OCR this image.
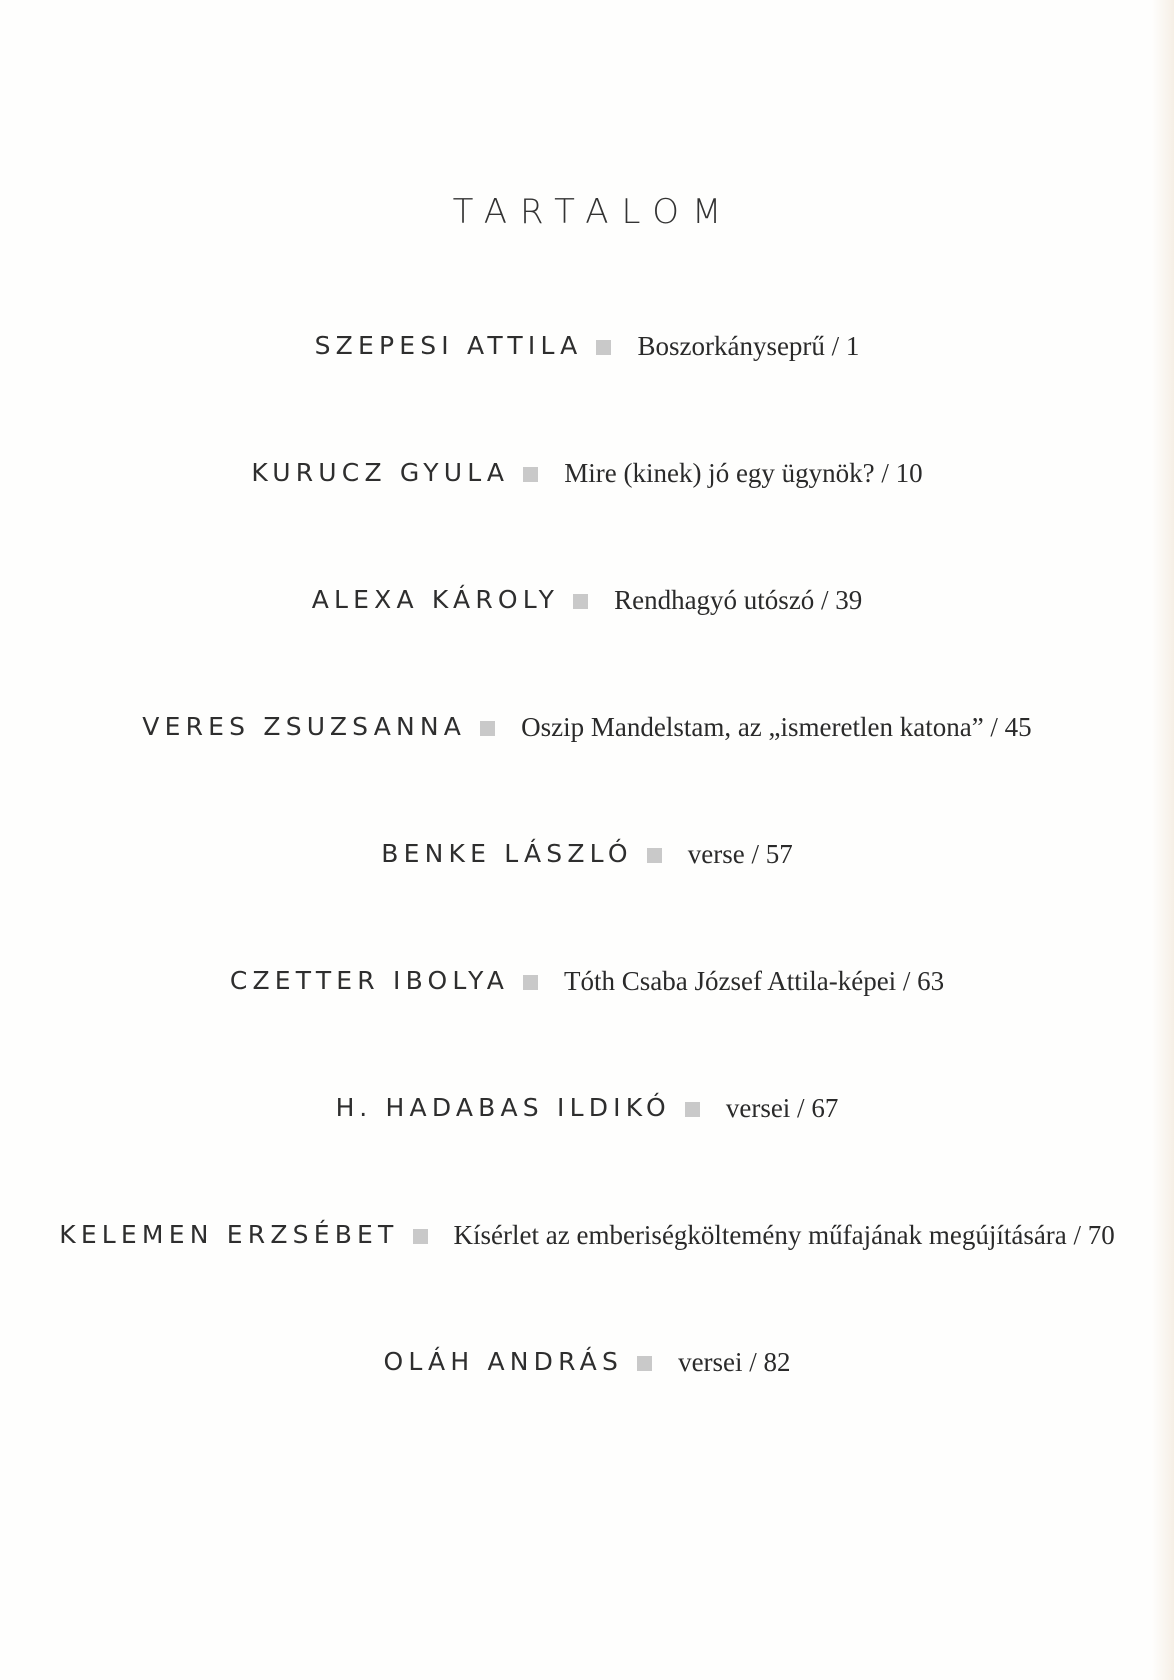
TARTALOM
SZEPESI ATTILA Boszorkányseprű / 1
KURUCZ GYULA Mire (kinek) jó egy ügynök? / 10
ALEXA KÁROLY Rendhagyó utószó / 39
VERES ZSUZSANNA Oszip Mandelstam, az „ismeretlen katona” / 45
BENKE LÁSZLÓ verse / 57
CZETTER IBOLYA Tóth Csaba József Attila-képei / 63
H. HADABAS ILDIKÓ versei / 67
KELEMEN ERZSÉBET Kísérlet az emberiségköltemény műfajának megújítására / 70
OLÁH ANDRÁS versei / 82
